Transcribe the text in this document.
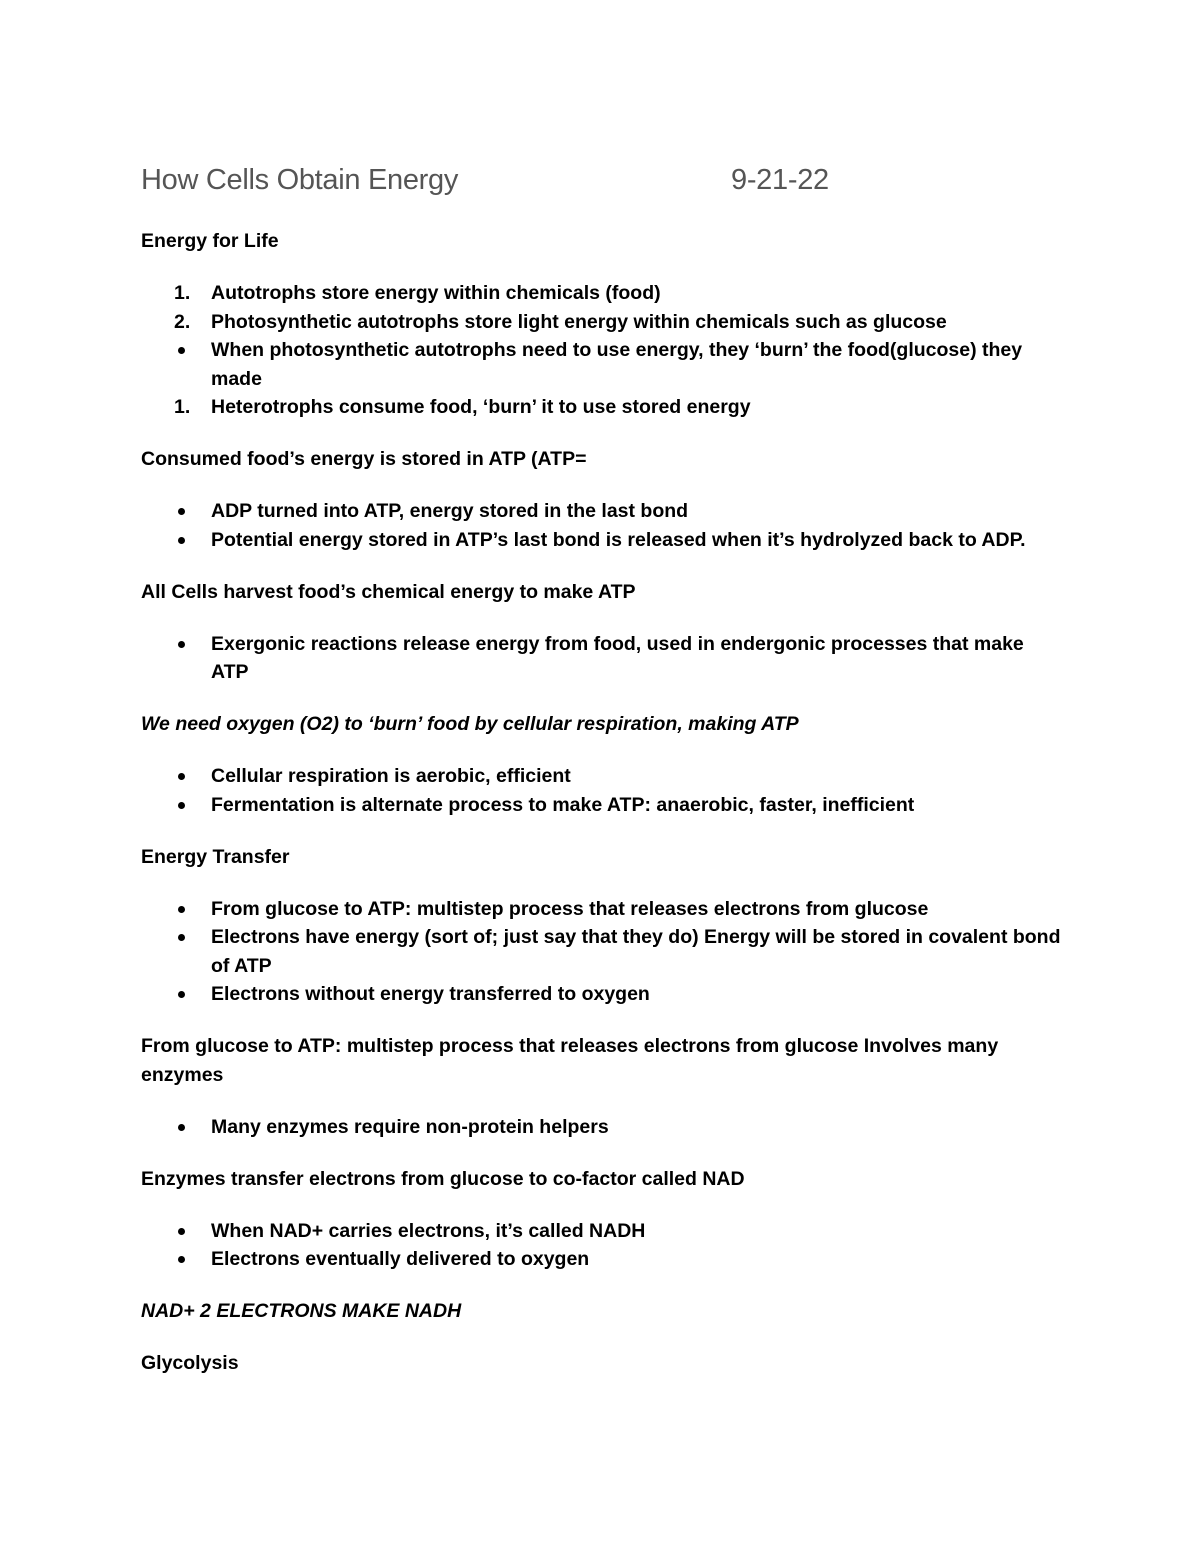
How Cells Obtain Energy	9-21-22
Energy for Life
1.	Autotrophs store energy within chemicals (food)
2.	Photosynthetic autotrophs store light energy within chemicals such as glucose
When photosynthetic autotrophs need to use energy, they ‘burn’ the food(glucose) they made
1.	Heterotrophs consume food, ‘burn’ it to use stored energy
Consumed food’s energy is stored in ATP (ATP=
ADP turned into ATP, energy stored in the last bond
Potential energy stored in ATP’s last bond is released when it’s hydrolyzed back to ADP.
All Cells harvest food’s chemical energy to make ATP
Exergonic reactions release energy from food, used in endergonic processes that make ATP
We need oxygen (O2) to ‘burn’ food by cellular respiration, making ATP
Cellular respiration is aerobic, efficient
Fermentation is alternate process to make ATP: anaerobic, faster, inefficient
Energy Transfer
From glucose to ATP: multistep process that releases electrons from glucose
Electrons have energy (sort of; just say that they do) Energy will be stored in covalent bond of ATP
Electrons without energy transferred to oxygen
From glucose to ATP: multistep process that releases electrons from glucose Involves many enzymes
Many enzymes require non-protein helpers
Enzymes transfer electrons from glucose to co-factor called NAD
When NAD+ carries electrons, it’s called NADH
Electrons eventually delivered to oxygen
NAD+ 2 ELECTRONS MAKE NADH
Glycolysis
